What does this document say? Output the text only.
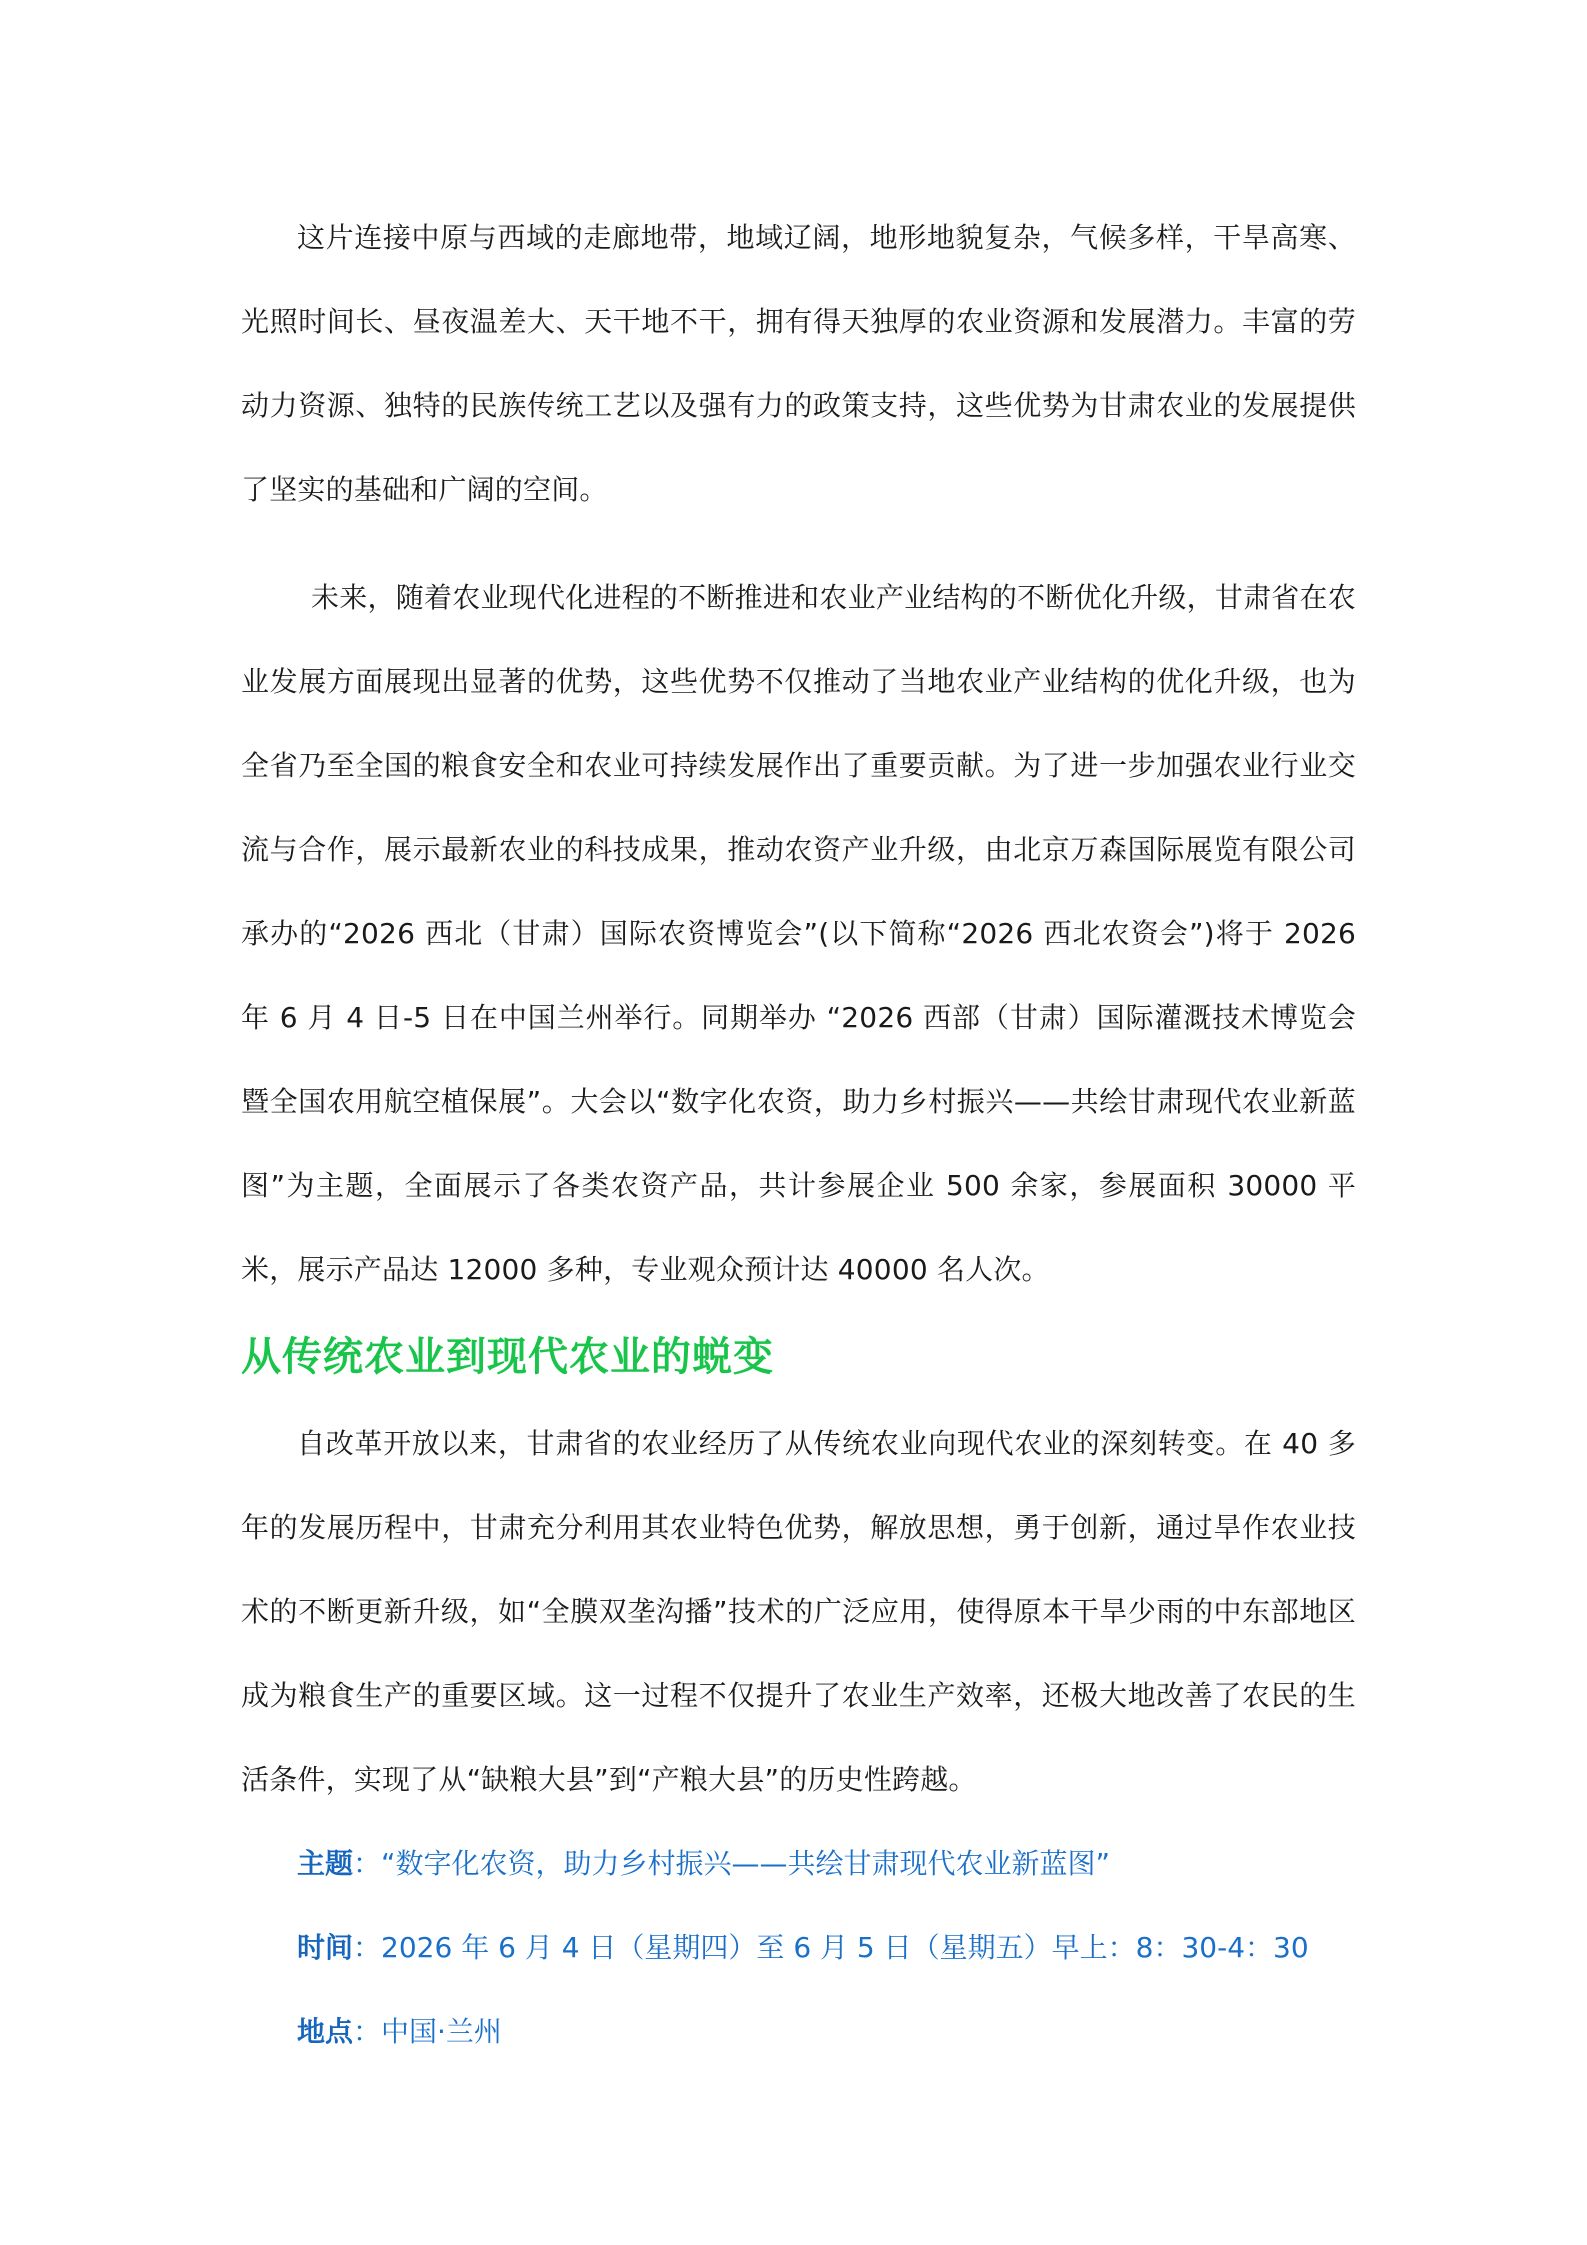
这片连接中原与西域的走廊地带，地域辽阔，地形地貌复杂，气候多样，干旱高寒、光照时间长、昼夜温差大、天干地不干，拥有得天独厚的农业资源和发展潜力。丰富的劳动力资源、独特的民族传统工艺以及强有力的政策支持，这些优势为甘肃农业的发展提供了坚实的基础和广阔的空间。

未来，随着农业现代化进程的不断推进和农业产业结构的不断优化升级，甘肃省在农业发展方面展现出显著的优势，这些优势不仅推动了当地农业产业结构的优化升级，也为全省乃至全国的粮食安全和农业可持续发展作出了重要贡献。为了进一步加强农业行业交流与合作，展示最新农业的科技成果，推动农资产业升级，由北京万森国际展览有限公司承办的“2026 西北（甘肃）国际农资博览会”(以下简称“2026 西北农资会”)将于 2026 年 6 月 4 日-5 日在中国兰州举行。同期举办 “2026 西部（甘肃）国际灌溉技术博览会暨全国农用航空植保展”。大会以“数字化农资，助力乡村振兴——共绘甘肃现代农业新蓝图”为主题，全面展示了各类农资产品，共计参展企业 500 余家，参展面积 30000 平米，展示产品达 12000 多种，专业观众预计达 40000 名人次。

从传统农业到现代农业的蜕变

自改革开放以来，甘肃省的农业经历了从传统农业向现代农业的深刻转变。在 40 多年的发展历程中，甘肃充分利用其农业特色优势，解放思想，勇于创新，通过旱作农业技术的不断更新升级，如“全膜双垄沟播”技术的广泛应用，使得原本干旱少雨的中东部地区成为粮食生产的重要区域。这一过程不仅提升了农业生产效率，还极大地改善了农民的生活条件，实现了从“缺粮大县”到“产粮大县”的历史性跨越。

主题：“数字化农资，助力乡村振兴——共绘甘肃现代农业新蓝图”
时间：2026 年 6 月 4 日（星期四）至 6 月 5 日（星期五）早上：8：30-4：30
地点：中国·兰州
